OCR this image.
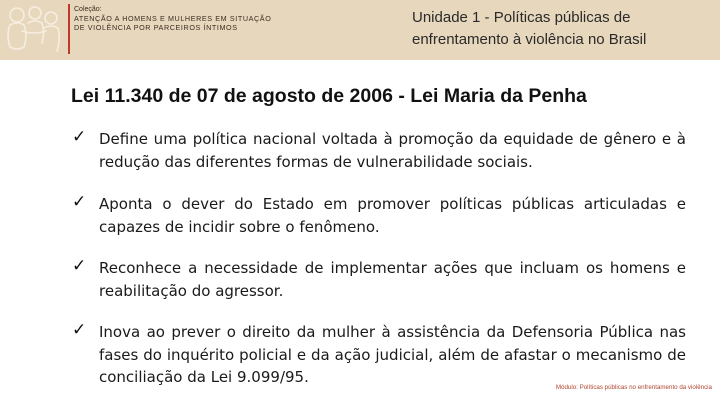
Coleção:
ATENÇÃO A HOMENS E MULHERES EM SITUAÇÃO DE VIOLÊNCIA POR PARCEIROS ÍNTIMOS
Unidade 1 - Políticas públicas de enfrentamento à violência no Brasil
Lei 11.340 de 07 de agosto de 2006 - Lei Maria da Penha
✓ Define uma política nacional voltada à promoção da equidade de gênero e à redução das diferentes formas de vulnerabilidade sociais.
✓ Aponta o dever do Estado em promover políticas públicas articuladas e capazes de incidir sobre o fenômeno.
✓ Reconhece a necessidade de implementar ações que incluam os homens e reabilitação do agressor.
✓ Inova ao prever o direito da mulher à assistência da Defensoria Pública nas fases do inquérito policial e da ação judicial, além de afastar o mecanismo de conciliação da Lei 9.099/95.
Módulo: Políticas públicas no enfrentamento da violência
